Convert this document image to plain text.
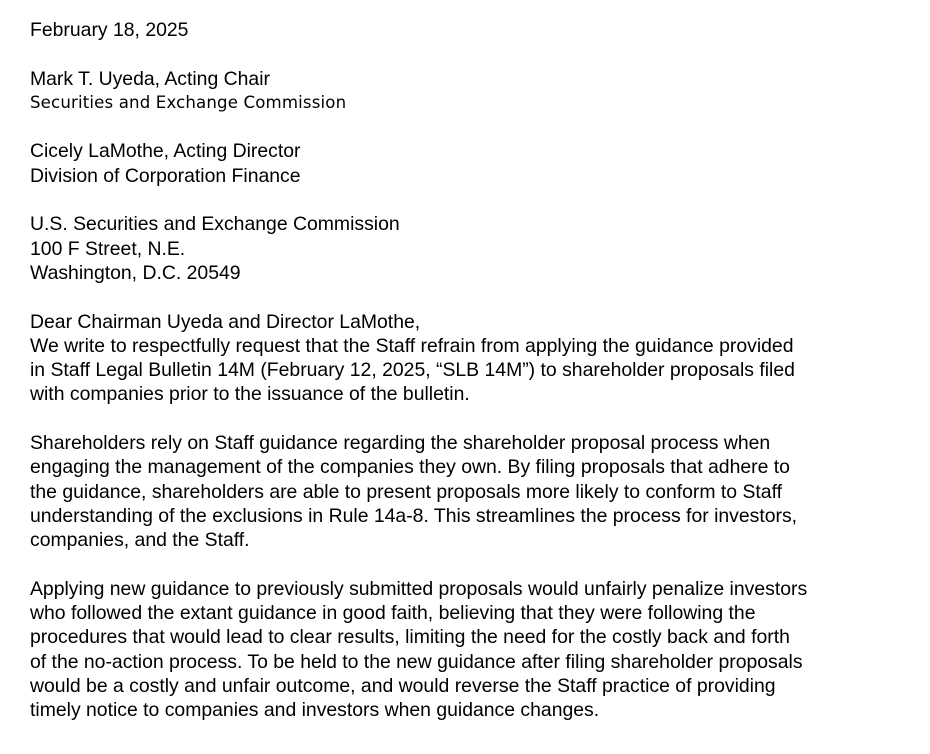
February 18, 2025
Mark T. Uyeda, Acting Chair
Securities and Exchange Commission
Cicely LaMothe, Acting Director
Division of Corporation Finance
U.S. Securities and Exchange Commission
100 F Street, N.E.
Washington, D.C. 20549
Dear Chairman Uyeda and Director LaMothe,
We write to respectfully request that the Staff refrain from applying the guidance provided
in Staff Legal Bulletin 14M (February 12, 2025, “SLB 14M”) to shareholder proposals filed
with companies prior to the issuance of the bulletin.
Shareholders rely on Staff guidance regarding the shareholder proposal process when
engaging the management of the companies they own. By filing proposals that adhere to
the guidance, shareholders are able to present proposals more likely to conform to Staff
understanding of the exclusions in Rule 14a-8. This streamlines the process for investors,
companies, and the Staff.
Applying new guidance to previously submitted proposals would unfairly penalize investors
who followed the extant guidance in good faith, believing that they were following the
procedures that would lead to clear results, limiting the need for the costly back and forth
of the no-action process. To be held to the new guidance after filing shareholder proposals
would be a costly and unfair outcome, and would reverse the Staff practice of providing
timely notice to companies and investors when guidance changes.
